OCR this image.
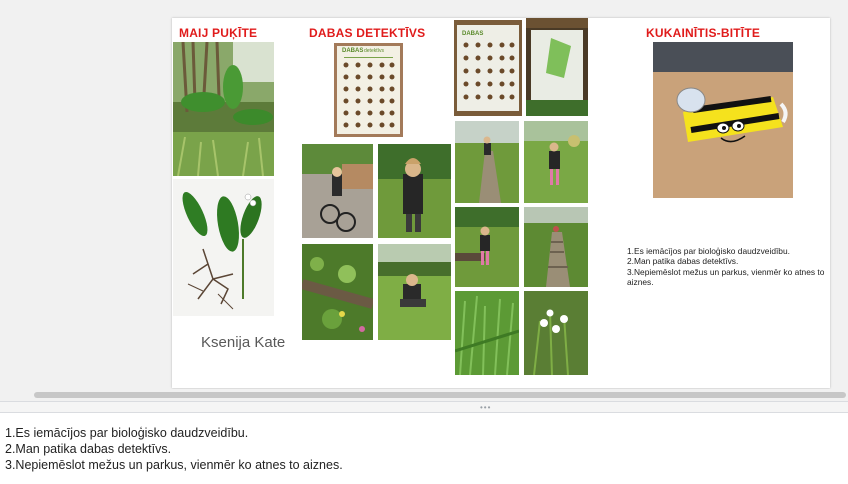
MAIJ PUĶĪTE	DABAS DETEKTĪVS	KUKAINĪTIS-BITĪTE
Ksenija Kate
DABAS detektīvs
DABAS
1.Es iemācījos par bioloģisko daudzveidību.
2.Man patika dabas detektīvs.
3.Nepiemēslot mežus un parkus, vienmēr ko atnes to aiznes.
•••
1.Es iemācījos par bioloģisko daudzveidību.
2.Man patika dabas detektīvs.
3.Nepiemēslot mežus un parkus, vienmēr ko atnes to aiznes.
